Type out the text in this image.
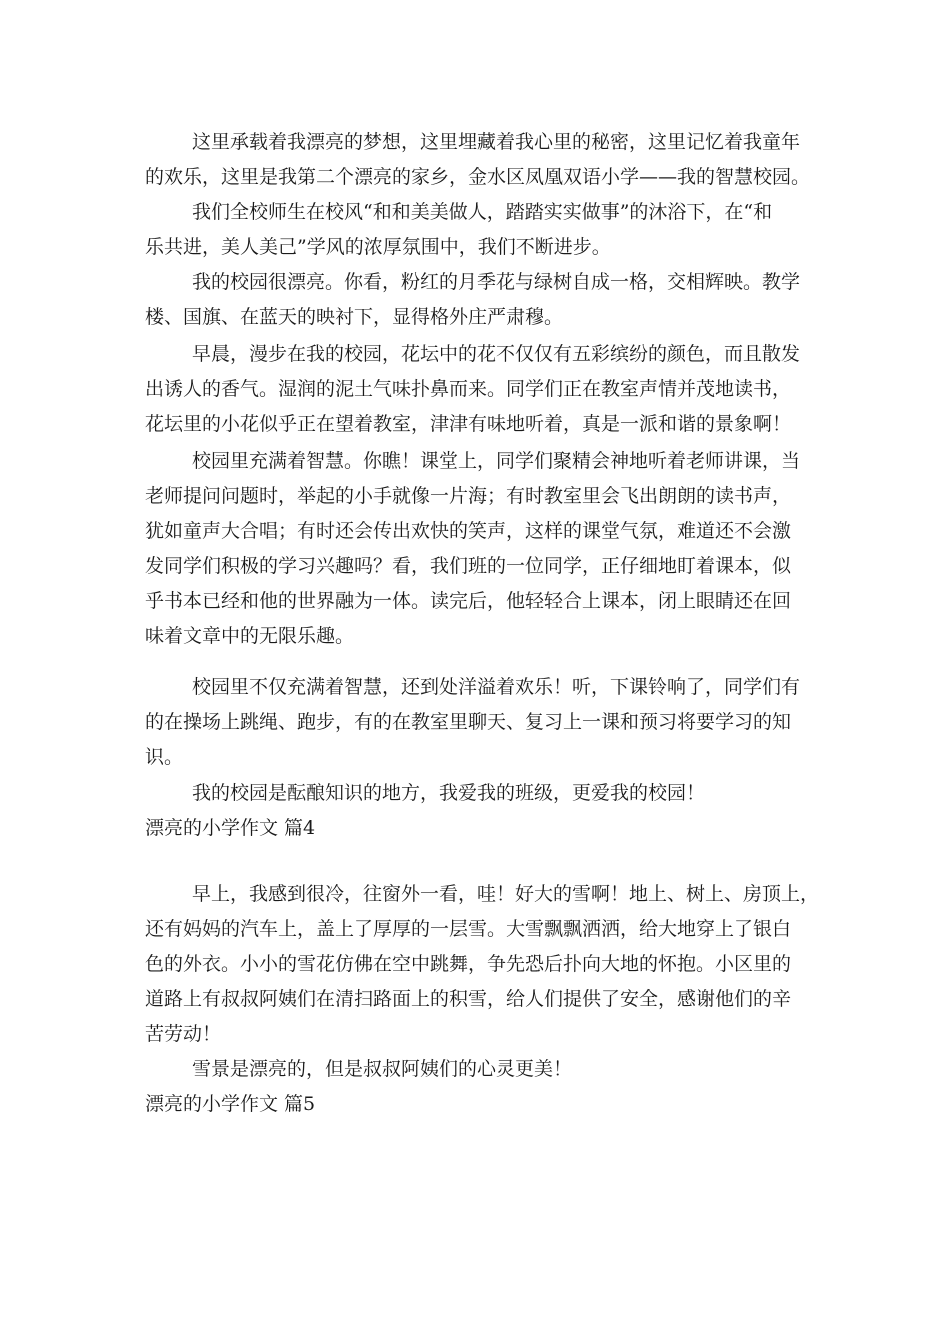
这里承载着我漂亮的梦想，这里埋藏着我心里的秘密，这里记忆着我童年
的欢乐，这里是我第二个漂亮的家乡，金水区凤凰双语小学——我的智慧校园。
我们全校师生在校风“和和美美做人，踏踏实实做事”的沐浴下，在“和
乐共进，美人美己”学风的浓厚氛围中，我们不断进步。
我的校园很漂亮。你看，粉红的月季花与绿树自成一格，交相辉映。教学
楼、国旗、在蓝天的映衬下，显得格外庄严肃穆。
早晨，漫步在我的校园，花坛中的花不仅仅有五彩缤纷的颜色，而且散发
出诱人的香气。湿润的泥土气味扑鼻而来。同学们正在教室声情并茂地读书，
花坛里的小花似乎正在望着教室，津津有味地听着，真是一派和谐的景象啊！
校园里充满着智慧。你瞧！课堂上，同学们聚精会神地听着老师讲课，当
老师提问问题时，举起的小手就像一片海；有时教室里会飞出朗朗的读书声，
犹如童声大合唱；有时还会传出欢快的笑声，这样的课堂气氛，难道还不会激
发同学们积极的学习兴趣吗？看，我们班的一位同学，正仔细地盯着课本，似
乎书本已经和他的世界融为一体。读完后，他轻轻合上课本，闭上眼睛还在回
味着文章中的无限乐趣。
校园里不仅充满着智慧，还到处洋溢着欢乐！听，下课铃响了，同学们有
的在操场上跳绳、跑步，有的在教室里聊天、复习上一课和预习将要学习的知
识。
我的校园是酝酿知识的地方，我爱我的班级，更爱我的校园！
漂亮的小学作文 篇4
早上，我感到很冷，往窗外一看，哇！好大的雪啊！地上、树上、房顶上，
还有妈妈的汽车上，盖上了厚厚的一层雪。大雪飘飘洒洒，给大地穿上了银白
色的外衣。小小的雪花仿佛在空中跳舞，争先恐后扑向大地的怀抱。小区里的
道路上有叔叔阿姨们在清扫路面上的积雪，给人们提供了安全，感谢他们的辛
苦劳动！
雪景是漂亮的，但是叔叔阿姨们的心灵更美！
漂亮的小学作文 篇5
